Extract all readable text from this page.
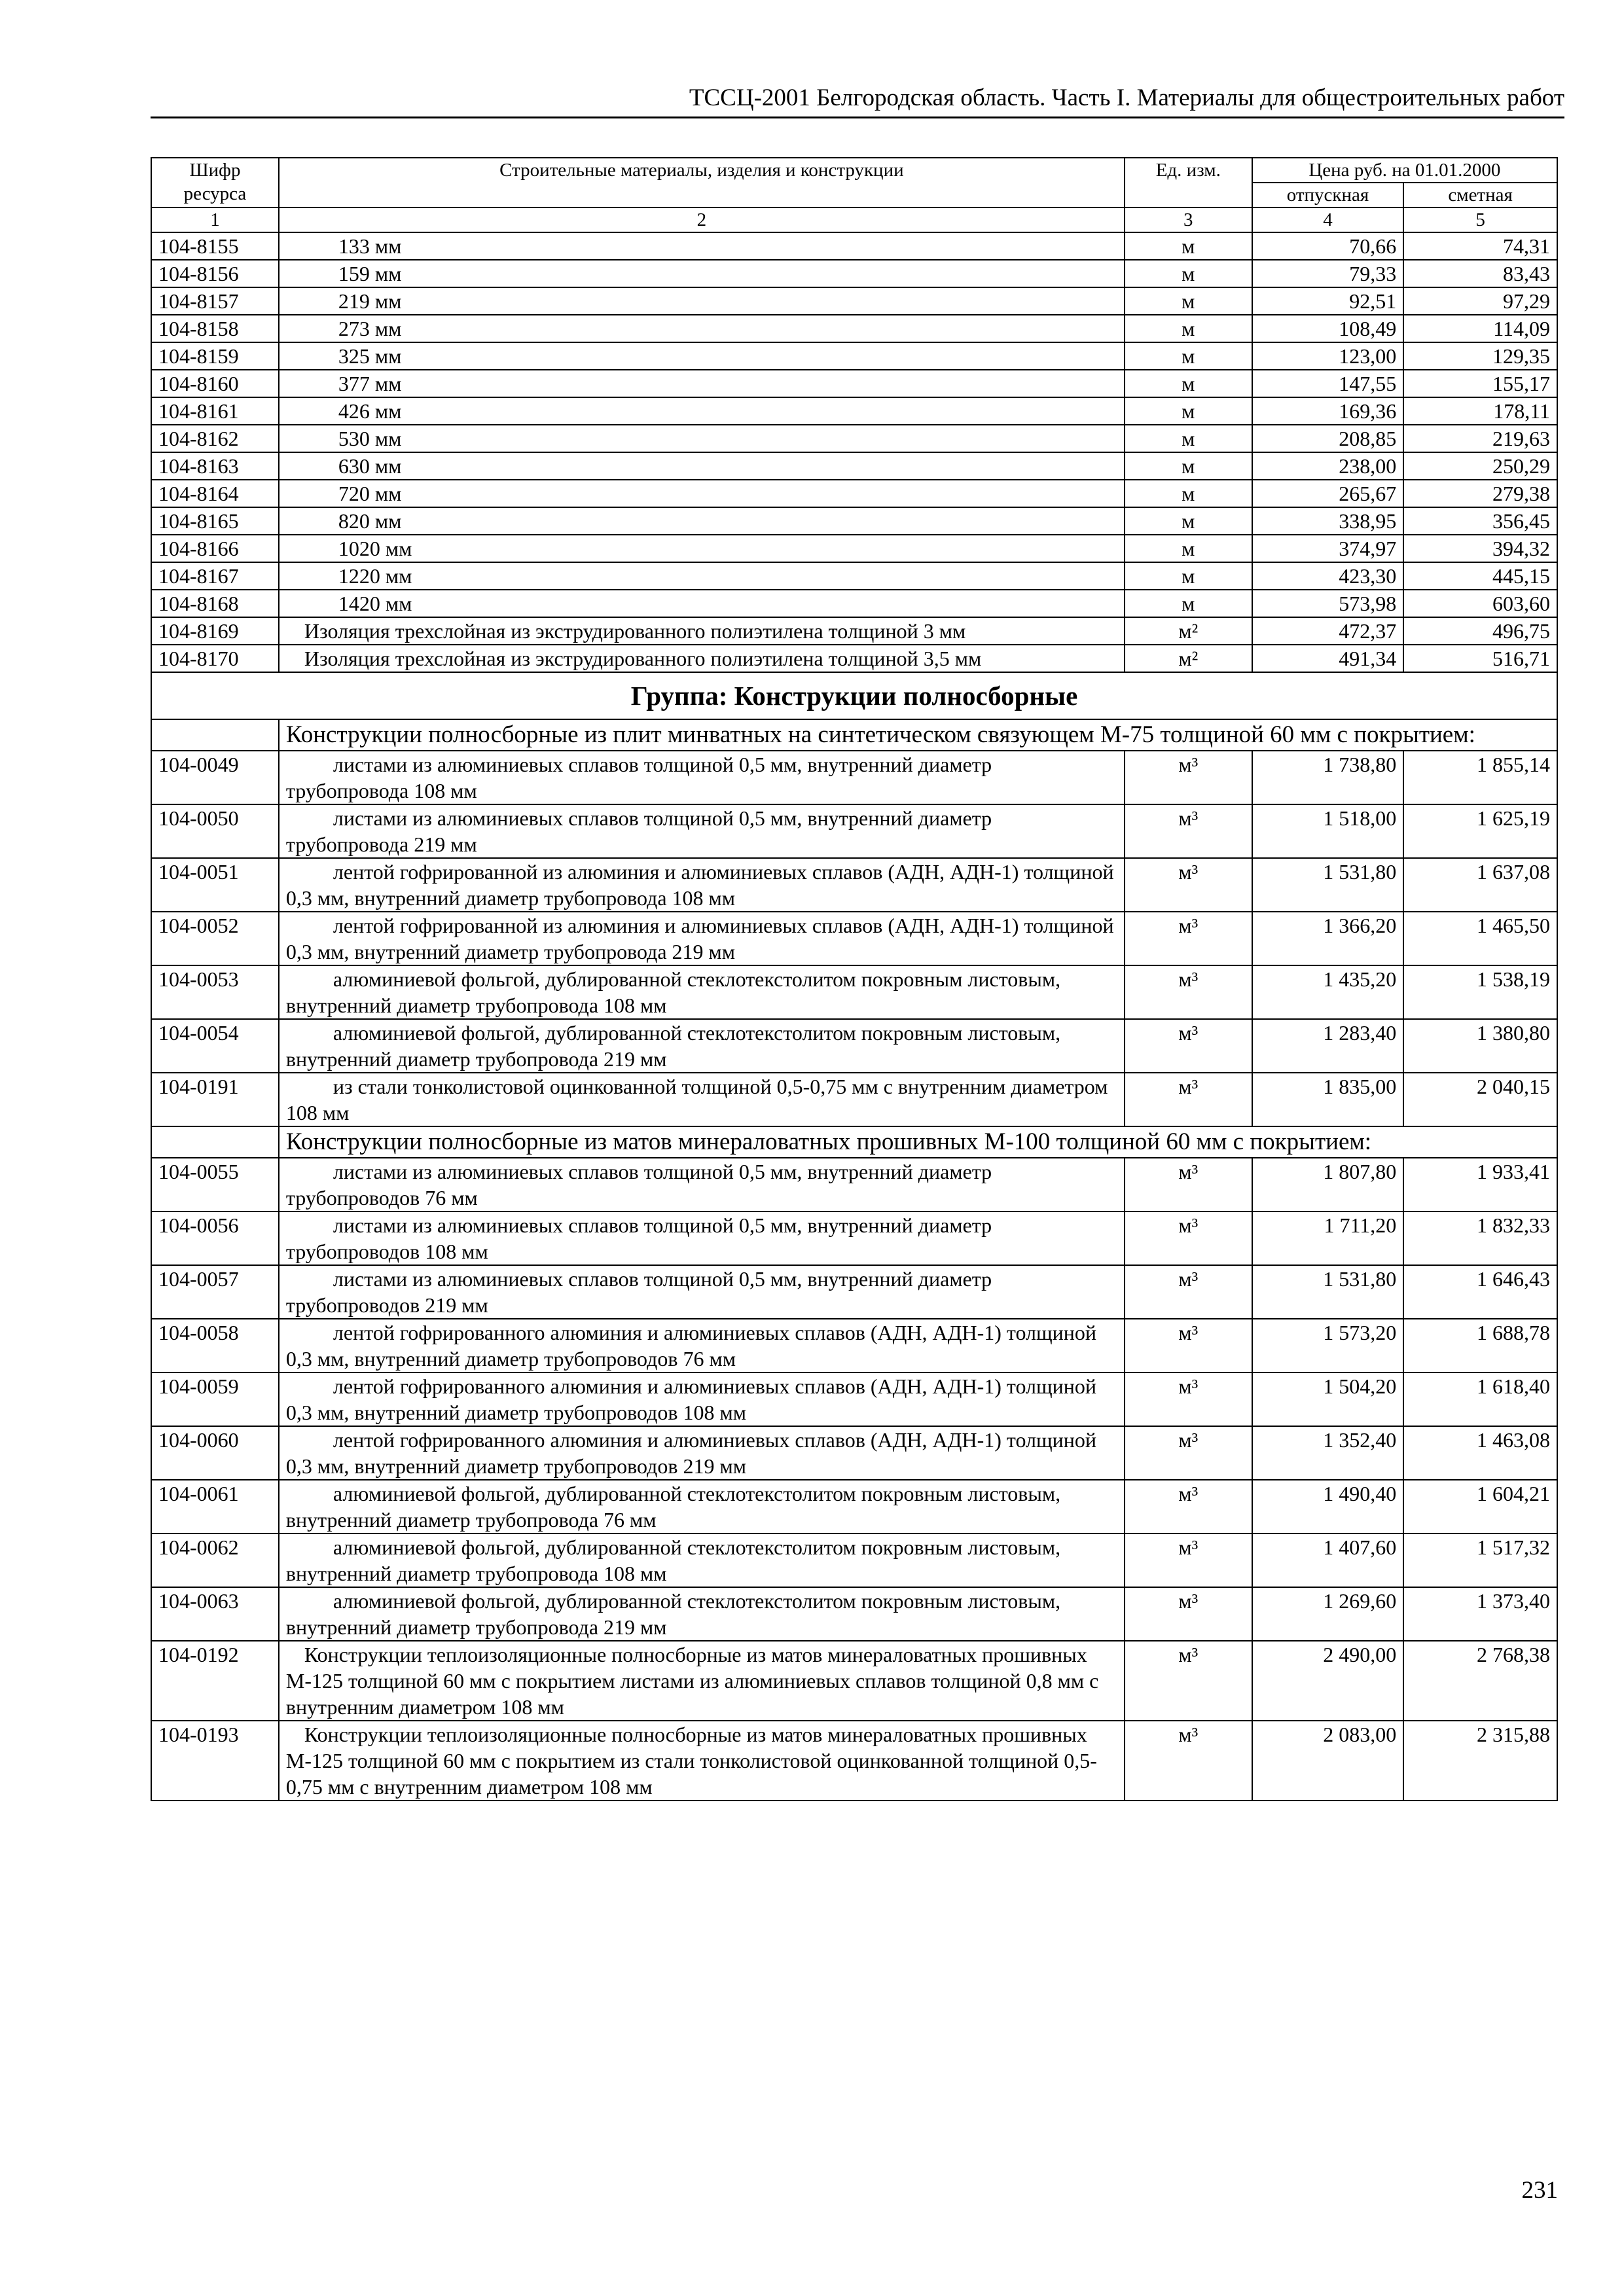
ТССЦ-2001 Белгородская область. Часть I. Материалы для общестроительных работ
Шифр ресурса	Строительные материалы, изделия и конструкции	Ед. изм.	Цена руб. на 01.01.2000	
			отпускная	сметная
1	2	3	4	5
104-8155	133 мм	м	70,66	74,31
104-8156	159 мм	м	79,33	83,43
104-8157	219 мм	м	92,51	97,29
104-8158	273 мм	м	108,49	114,09
104-8159	325 мм	м	123,00	129,35
104-8160	377 мм	м	147,55	155,17
104-8161	426 мм	м	169,36	178,11
104-8162	530 мм	м	208,85	219,63
104-8163	630 мм	м	238,00	250,29
104-8164	720 мм	м	265,67	279,38
104-8165	820 мм	м	338,95	356,45
104-8166	1020 мм	м	374,97	394,32
104-8167	1220 мм	м	423,30	445,15
104-8168	1420 мм	м	573,98	603,60
104-8169	Изоляция трехслойная из экструдированного полиэтилена толщиной 3 мм	м²	472,37	496,75
104-8170	Изоляция трехслойная из экструдированного полиэтилена толщиной 3,5 мм	м²	491,34	516,71
Группа: Конструкции полносборные				
	Конструкции полносборные из плит минватных на синтетическом связующем М-75 толщиной 60 мм с покрытием:			
104-0049	листами из алюминиевых сплавов толщиной 0,5 мм, внутренний диаметр трубопровода 108 мм	м³	1 738,80	1 855,14
104-0050	листами из алюминиевых сплавов толщиной 0,5 мм, внутренний диаметр трубопровода 219 мм	м³	1 518,00	1 625,19
104-0051	лентой гофрированной из алюминия и алюминиевых сплавов (АДН, АДН-1) толщиной 0,3 мм, внутренний диаметр трубопровода 108 мм	м³	1 531,80	1 637,08
104-0052	лентой гофрированной из алюминия и алюминиевых сплавов (АДН, АДН-1) толщиной 0,3 мм, внутренний диаметр трубопровода 219 мм	м³	1 366,20	1 465,50
104-0053	алюминиевой фольгой, дублированной стеклотекстолитом покровным листовым, внутренний диаметр трубопровода 108 мм	м³	1 435,20	1 538,19
104-0054	алюминиевой фольгой, дублированной стеклотекстолитом покровным листовым, внутренний диаметр трубопровода 219 мм	м³	1 283,40	1 380,80
104-0191	из стали тонколистовой оцинкованной толщиной 0,5-0,75 мм с внутренним диаметром 108 мм	м³	1 835,00	2 040,15
	Конструкции полносборные из матов минераловатных прошивных М-100 толщиной 60 мм с покрытием:			
104-0055	листами из алюминиевых сплавов толщиной 0,5 мм, внутренний диаметр трубопроводов 76 мм	м³	1 807,80	1 933,41
104-0056	листами из алюминиевых сплавов толщиной 0,5 мм, внутренний диаметр трубопроводов 108 мм	м³	1 711,20	1 832,33
104-0057	листами из алюминиевых сплавов толщиной 0,5 мм, внутренний диаметр трубопроводов 219 мм	м³	1 531,80	1 646,43
104-0058	лентой гофрированного алюминия и алюминиевых сплавов (АДН, АДН-1) толщиной 0,3 мм, внутренний диаметр трубопроводов 76 мм	м³	1 573,20	1 688,78
104-0059	лентой гофрированного алюминия и алюминиевых сплавов (АДН, АДН-1) толщиной 0,3 мм, внутренний диаметр трубопроводов 108 мм	м³	1 504,20	1 618,40
104-0060	лентой гофрированного алюминия и алюминиевых сплавов (АДН, АДН-1) толщиной 0,3 мм, внутренний диаметр трубопроводов 219 мм	м³	1 352,40	1 463,08
104-0061	алюминиевой фольгой, дублированной стеклотекстолитом покровным листовым, внутренний диаметр трубопровода 76 мм	м³	1 490,40	1 604,21
104-0062	алюминиевой фольгой, дублированной стеклотекстолитом покровным листовым, внутренний диаметр трубопровода 108 мм	м³	1 407,60	1 517,32
104-0063	алюминиевой фольгой, дублированной стеклотекстолитом покровным листовым, внутренний диаметр трубопровода 219 мм	м³	1 269,60	1 373,40
104-0192	Конструкции теплоизоляционные полносборные из матов минераловатных прошивных М-125 толщиной 60 мм с покрытием листами из алюминиевых сплавов толщиной 0,8 мм с внутренним диаметром 108 мм	м³	2 490,00	2 768,38
104-0193	Конструкции теплоизоляционные полносборные из матов минераловатных прошивных М-125 толщиной 60 мм с покрытием из стали тонколистовой оцинкованной толщиной 0,5-0,75 мм с внутренним диаметром 108 мм	м³	2 083,00	2 315,88
231
